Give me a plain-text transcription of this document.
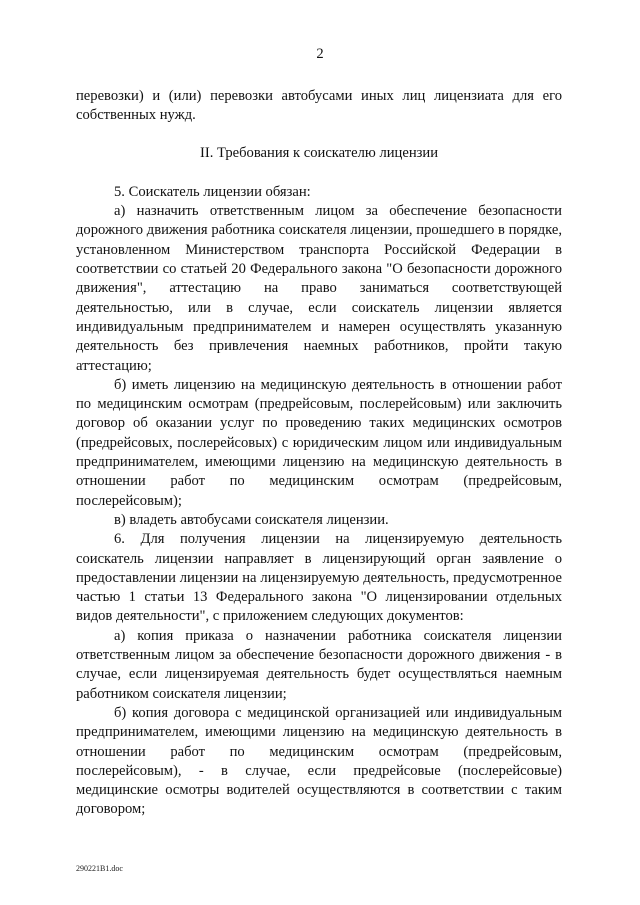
2

перевозки) и (или) перевозки автобусами иных лиц лицензиата для его собственных нужд.

II. Требования к соискателю лицензии

5. Соискатель лицензии обязан:

а) назначить ответственным лицом за обеспечение безопасности дорожного движения работника соискателя лицензии, прошедшего в порядке, установленном Министерством транспорта Российской Федерации в соответствии со статьей 20 Федерального закона "О безопасности дорожного движения", аттестацию на право заниматься соответствующей деятельностью, или в случае, если соискатель лицензии является индивидуальным предпринимателем и намерен осуществлять указанную деятельность без привлечения наемных работников, пройти такую аттестацию;

б) иметь лицензию на медицинскую деятельность в отношении работ по медицинским осмотрам (предрейсовым, послерейсовым) или заключить договор об оказании услуг по проведению таких медицинских осмотров (предрейсовых, послерейсовых) с юридическим лицом или индивидуальным предпринимателем, имеющими лицензию на медицинскую деятельность в отношении работ по медицинским осмотрам (предрейсовым, послерейсовым);

в) владеть автобусами соискателя лицензии.

6. Для получения лицензии на лицензируемую деятельность соискатель лицензии направляет в лицензирующий орган заявление о предоставлении лицензии на лицензируемую деятельность, предусмотренное частью 1 статьи 13 Федерального закона "О лицензировании отдельных видов деятельности", с приложением следующих документов:

а) копия приказа о назначении работника соискателя лицензии ответственным лицом за обеспечение безопасности дорожного движения - в случае, если лицензируемая деятельность будет осуществляться наемным работником соискателя лицензии;

б) копия договора с медицинской организацией или индивидуальным предпринимателем, имеющими лицензию на медицинскую деятельность в отношении работ по медицинским осмотрам (предрейсовым, послерейсовым), - в случае, если предрейсовые (послерейсовые) медицинские осмотры водителей осуществляются в соответствии с таким договором;

290221В1.doc
